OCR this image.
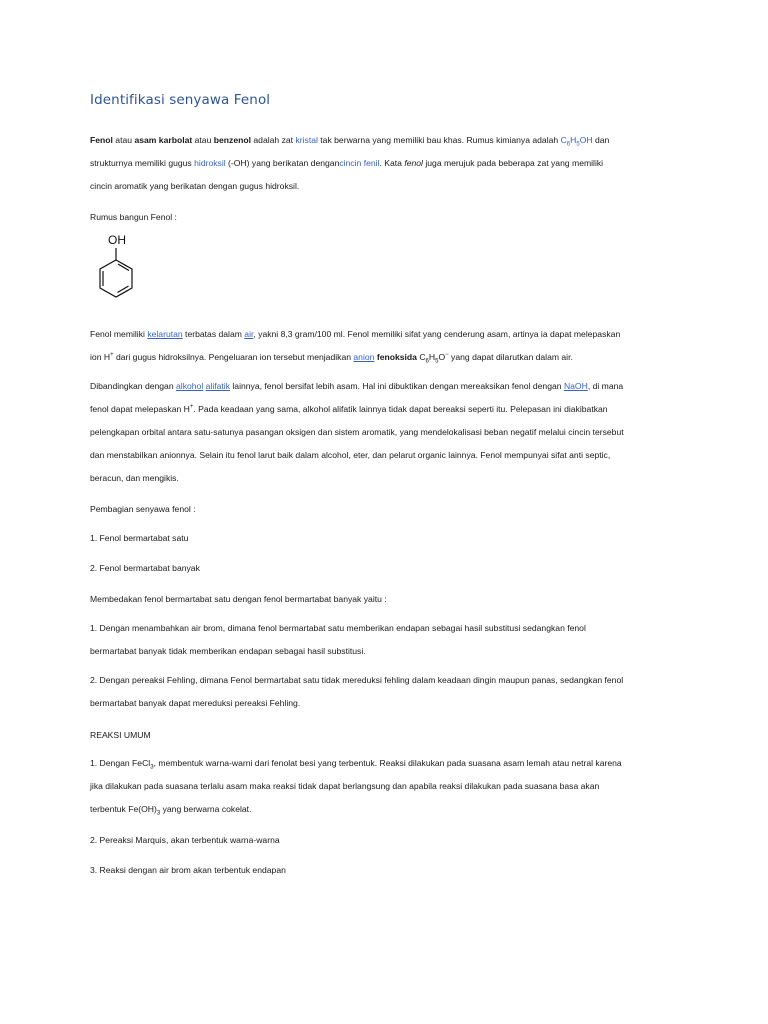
Identifikasi senyawa Fenol
Fenol atau asam karbolat atau benzenol adalah zat kristal tak berwarna yang memiliki bau khas. Rumus kimianya adalah $C_6H_5OH$ dan
strukturnya memiliki gugus hidroksil (-OH) yang berikatan dengancincin fenil. Kata fenol juga merujuk pada beberapa zat yang memiliki
cincin aromatik yang berikatan dengan gugus hidroksil.
Rumus bangun Fenol :
OH
Fenol memiliki kelarutan terbatas dalam air, yakni 8,3 gram/100 ml. Fenol memiliki sifat yang cenderung asam, artinya ia dapat melepaskan
ion H+ dari gugus hidroksilnya. Pengeluaran ion tersebut menjadikan anion fenoksida $C_6H_5O^-$ yang dapat dilarutkan dalam air.
Dibandingkan dengan alkohol alifatik lainnya, fenol bersifat lebih asam. Hal ini dibuktikan dengan mereaksikan fenol dengan NaOH, di mana
fenol dapat melepaskan H+. Pada keadaan yang sama, alkohol alifatik lainnya tidak dapat bereaksi seperti itu. Pelepasan ini diakibatkan
pelengkapan orbital antara satu-satunya pasangan oksigen dan sistem aromatik, yang mendelokalisasi beban negatif melalui cincin tersebut
dan menstabilkan anionnya. Selain itu fenol larut baik dalam alcohol, eter, dan pelarut organic lainnya. Fenol mempunyai sifat anti septic,
beracun, dan mengikis.
Pembagian senyawa fenol :
1. Fenol bermartabat satu
2. Fenol bermartabat banyak
Membedakan fenol bermartabat satu dengan fenol bermartabat banyak yaitu :
1. Dengan menambahkan air brom, dimana fenol bermartabat satu memberikan endapan sebagai hasil substitusi sedangkan fenol
bermartabat banyak tidak memberikan endapan sebagai hasil substitusi.
2. Dengan pereaksi Fehling, dimana Fenol bermartabat satu tidak mereduksi fehling dalam keadaan dingin maupun panas, sedangkan fenol
bermartabat banyak dapat mereduksi pereaksi Fehling.
REAKSI UMUM
1. Dengan FeCl$_3$, membentuk warna-warni dari fenolat besi yang terbentuk. Reaksi dilakukan pada suasana asam lemah atau netral karena
jika dilakukan pada suasana terlalu asam maka reaksi tidak dapat berlangsung dan apabila reaksi dilakukan pada suasana basa akan
terbentuk $Fe(OH)_3$ yang berwarna cokelat.
2. Pereaksi Marquis, akan terbentuk warna-warna
3. Reaksi dengan air brom akan terbentuk endapan
